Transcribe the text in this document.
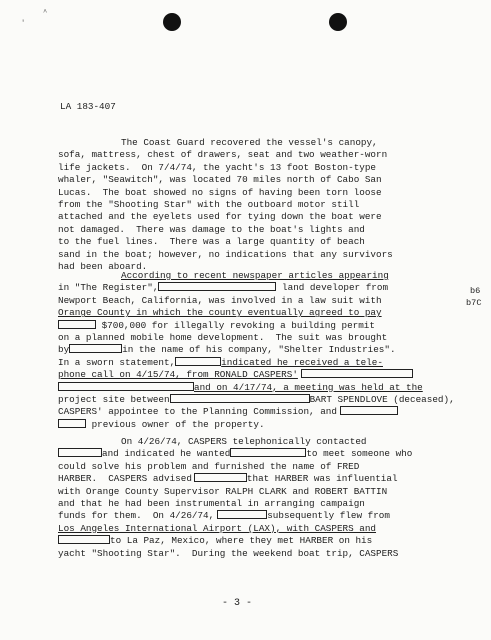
'
^
LA 183-407
The Coast Guard recovered the vessel's canopy,
sofa, mattress, chest of drawers, seat and two weather-worn
life jackets.  On 7/4/74, the yacht's 13 foot Boston-type
whaler, "Seawitch", was located 70 miles north of Cabo San
Lucas.  The boat showed no signs of having been torn loose
from the "Shooting Star" with the outboard motor still
attached and the eyelets used for tying down the boat were
not damaged.  There was damage to the boat's lights and
to the fuel lines.  There was a large quantity of beach
sand in the boat; however, no indications that any survivors
had been aboard.
According to recent newspaper articles appearing
in "The Register",	land developer from
Newport Beach, California, was involved in a law suit with
Orange County in which the county eventually agreed to pay
$700,000 for illegally revoking a building permit
on a planned mobile home development.  The suit was brought
by	in the name of his company, "Shelter Industries".
In a sworn statement,	indicated he received a tele-
phone call on 4/15/74, from RONALD CASPERS'
and on 4/17/74, a meeting was held at the
project site between	BART SPENDLOVE (deceased),
CASPERS' appointee to the Planning Commission, and
previous owner of the property.
b6
b7C
On 4/26/74, CASPERS telephonically contacted
and indicated he wanted	to meet someone who
could solve his problem and furnished the name of FRED
HARBER.  CASPERS advised	that HARBER was influential
with Orange County Supervisor RALPH CLARK and ROBERT BATTIN
and that he had been instrumental in arranging campaign
funds for them.  On 4/26/74,	subsequently flew from
Los Angeles International Airport (LAX), with CASPERS and
to La Paz, Mexico, where they met HARBER on his
yacht "Shooting Star".  During the weekend boat trip, CASPERS
- 3 -
